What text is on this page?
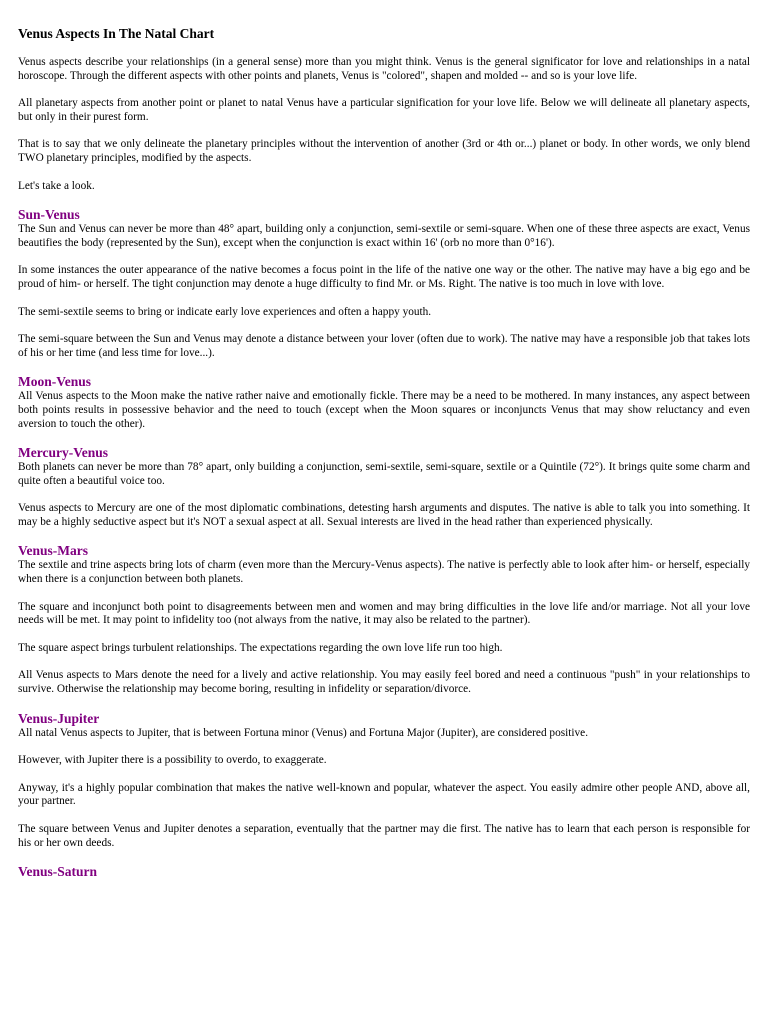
Venus Aspects In The Natal Chart

Venus aspects describe your relationships (in a general sense) more than you might think. Venus is the general significator for love and relationships in a natal horoscope. Through the different aspects with other points and planets, Venus is "colored", shapen and molded -- and so is your love life.

All planetary aspects from another point or planet to natal Venus have a particular signification for your love life. Below we will delineate all planetary aspects, but only in their purest form.

That is to say that we only delineate the planetary principles without the intervention of another (3rd or 4th or...) planet or body. In other words, we only blend TWO planetary principles, modified by the aspects.

Let's take a look.

Sun-Venus

The Sun and Venus can never be more than 48° apart, building only a conjunction, semi-sextile or semi-square. When one of these three aspects are exact, Venus beautifies the body (represented by the Sun), except when the conjunction is exact within 16' (orb no more than 0°16').

In some instances the outer appearance of the native becomes a focus point in the life of the native one way or the other. The native may have a big ego and be proud of him- or herself. The tight conjunction may denote a huge difficulty to find Mr. or Ms. Right. The native is too much in love with love.

The semi-sextile seems to bring or indicate early love experiences and often a happy youth.

The semi-square between the Sun and Venus may denote a distance between your lover (often due to work). The native may have a responsible job that takes lots of his or her time (and less time for love...).

Moon-Venus

All Venus aspects to the Moon make the native rather naive and emotionally fickle. There may be a need to be mothered. In many instances, any aspect between both points results in possessive behavior and the need to touch (except when the Moon squares or inconjuncts Venus that may show reluctancy and even aversion to touch the other).

Mercury-Venus

Both planets can never be more than 78° apart, only building a conjunction, semi-sextile, semi-square, sextile or a Quintile (72°). It brings quite some charm and quite often a beautiful voice too.

Venus aspects to Mercury are one of the most diplomatic combinations, detesting harsh arguments and disputes. The native is able to talk you into something. It may be a highly seductive aspect but it's NOT a sexual aspect at all. Sexual interests are lived in the head rather than experienced physically.

Venus-Mars

The sextile and trine aspects bring lots of charm (even more than the Mercury-Venus aspects). The native is perfectly able to look after him- or herself, especially when there is a conjunction between both planets.

The square and inconjunct both point to disagreements between men and women and may bring difficulties in the love life and/or marriage. Not all your love needs will be met. It may point to infidelity too (not always from the native, it may also be related to the partner).

The square aspect brings turbulent relationships. The expectations regarding the own love life run too high.

All Venus aspects to Mars denote the need for a lively and active relationship. You may easily feel bored and need a continuous "push" in your relationships to survive. Otherwise the relationship may become boring, resulting in infidelity or separation/divorce.

Venus-Jupiter

All natal Venus aspects to Jupiter, that is between Fortuna minor (Venus) and Fortuna Major (Jupiter), are considered positive.

However, with Jupiter there is a possibility to overdo, to exaggerate.

Anyway, it's a highly popular combination that makes the native well-known and popular, whatever the aspect. You easily admire other people AND, above all, your partner.

The square between Venus and Jupiter denotes a separation, eventually that the partner may die first. The native has to learn that each person is responsible for his or her own deeds.

Venus-Saturn
